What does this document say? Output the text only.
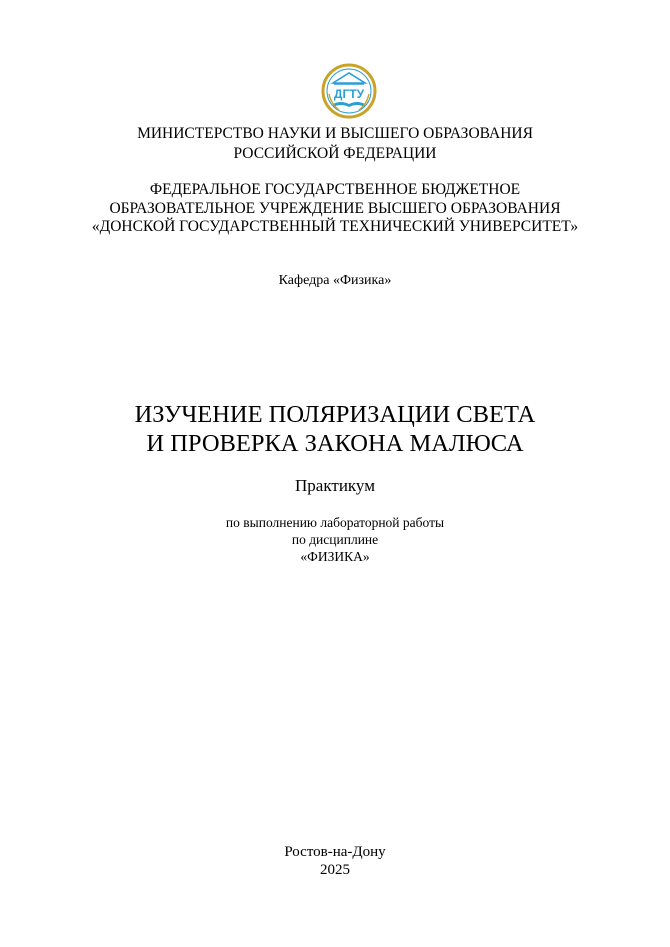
ДГТУ
МИНИСТЕРСТВО НАУКИ И ВЫСШЕГО ОБРАЗОВАНИЯ
РОССИЙСКОЙ ФЕДЕРАЦИИ
ФЕДЕРАЛЬНОЕ ГОСУДАРСТВЕННОЕ БЮДЖЕТНОЕ
ОБРАЗОВАТЕЛЬНОЕ УЧРЕЖДЕНИЕ ВЫСШЕГО ОБРАЗОВАНИЯ
«ДОНСКОЙ ГОСУДАРСТВЕННЫЙ ТЕХНИЧЕСКИЙ УНИВЕРСИТЕТ»
Кафедра «Физика»
ИЗУЧЕНИЕ ПОЛЯРИЗАЦИИ СВЕТА
И ПРОВЕРКА ЗАКОНА МАЛЮСА
Практикум
по выполнению лабораторной работы
по дисциплине
«ФИЗИКА»
Ростов-на-Дону
2025
